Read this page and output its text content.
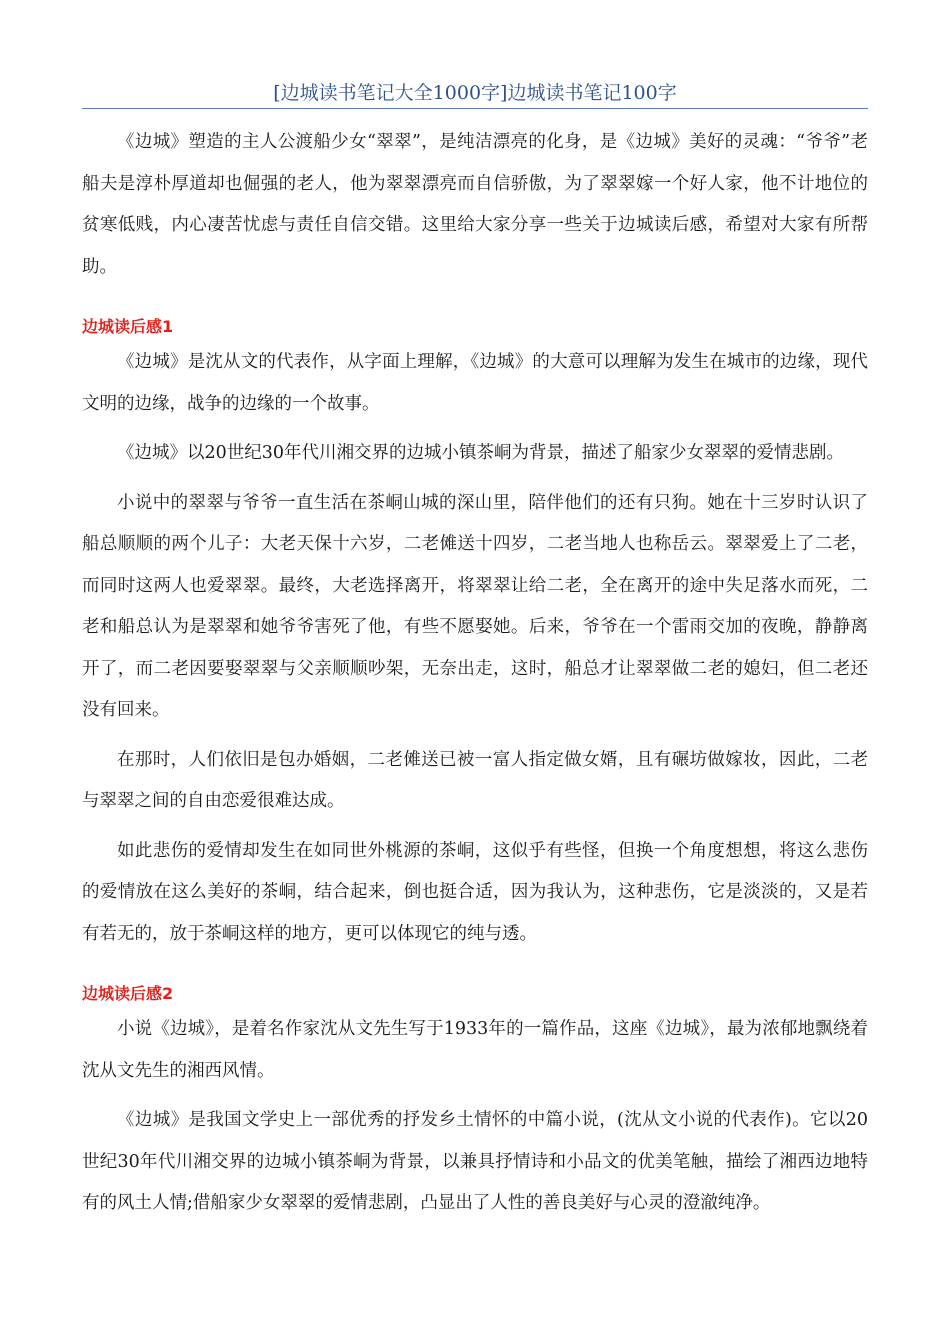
[边城读书笔记大全1000字]边城读书笔记100字

《边城》塑造的主人公渡船少女“翠翠”，是纯洁漂亮的化身，是《边城》美好的灵魂：“爷爷”老船夫是淳朴厚道却也倔强的老人，他为翠翠漂亮而自信骄傲，为了翠翠嫁一个好人家，他不计地位的贫寒低贱，内心凄苦忧虑与责任自信交错。这里给大家分享一些关于边城读后感，希望对大家有所帮助。

边城读后感1

《边城》是沈从文的代表作，从字面上理解，《边城》的大意可以理解为发生在城市的边缘，现代文明的边缘，战争的边缘的一个故事。

《边城》以20世纪30年代川湘交界的边城小镇茶峒为背景，描述了船家少女翠翠的爱情悲剧。

小说中的翠翠与爷爷一直生活在茶峒山城的深山里，陪伴他们的还有只狗。她在十三岁时认识了船总顺顺的两个儿子：大老天保十六岁，二老傩送十四岁，二老当地人也称岳云。翠翠爱上了二老，而同时这两人也爱翠翠。最终，大老选择离开，将翠翠让给二老，全在离开的途中失足落水而死，二老和船总认为是翠翠和她爷爷害死了他，有些不愿娶她。后来，爷爷在一个雷雨交加的夜晚，静静离开了，而二老因要娶翠翠与父亲顺顺吵架，无奈出走，这时，船总才让翠翠做二老的媳妇，但二老还没有回来。

在那时，人们依旧是包办婚姻，二老傩送已被一富人指定做女婿，且有碾坊做嫁妆，因此，二老与翠翠之间的自由恋爱很难达成。

如此悲伤的爱情却发生在如同世外桃源的茶峒，这似乎有些怪，但换一个角度想想，将这么悲伤的爱情放在这么美好的茶峒，结合起来，倒也挺合适，因为我认为，这种悲伤，它是淡淡的，又是若有若无的，放于茶峒这样的地方，更可以体现它的纯与透。

边城读后感2

小说《边城》，是着名作家沈从文先生写于1933年的一篇作品，这座《边城》，最为浓郁地飘绕着沈从文先生的湘西风情。

《边城》是我国文学史上一部优秀的抒发乡土情怀的中篇小说，(沈从文小说的代表作)。它以20世纪30年代川湘交界的边城小镇茶峒为背景，以兼具抒情诗和小品文的优美笔触，描绘了湘西边地特有的风土人情;借船家少女翠翠的爱情悲剧，凸显出了人性的善良美好与心灵的澄澈纯净。
